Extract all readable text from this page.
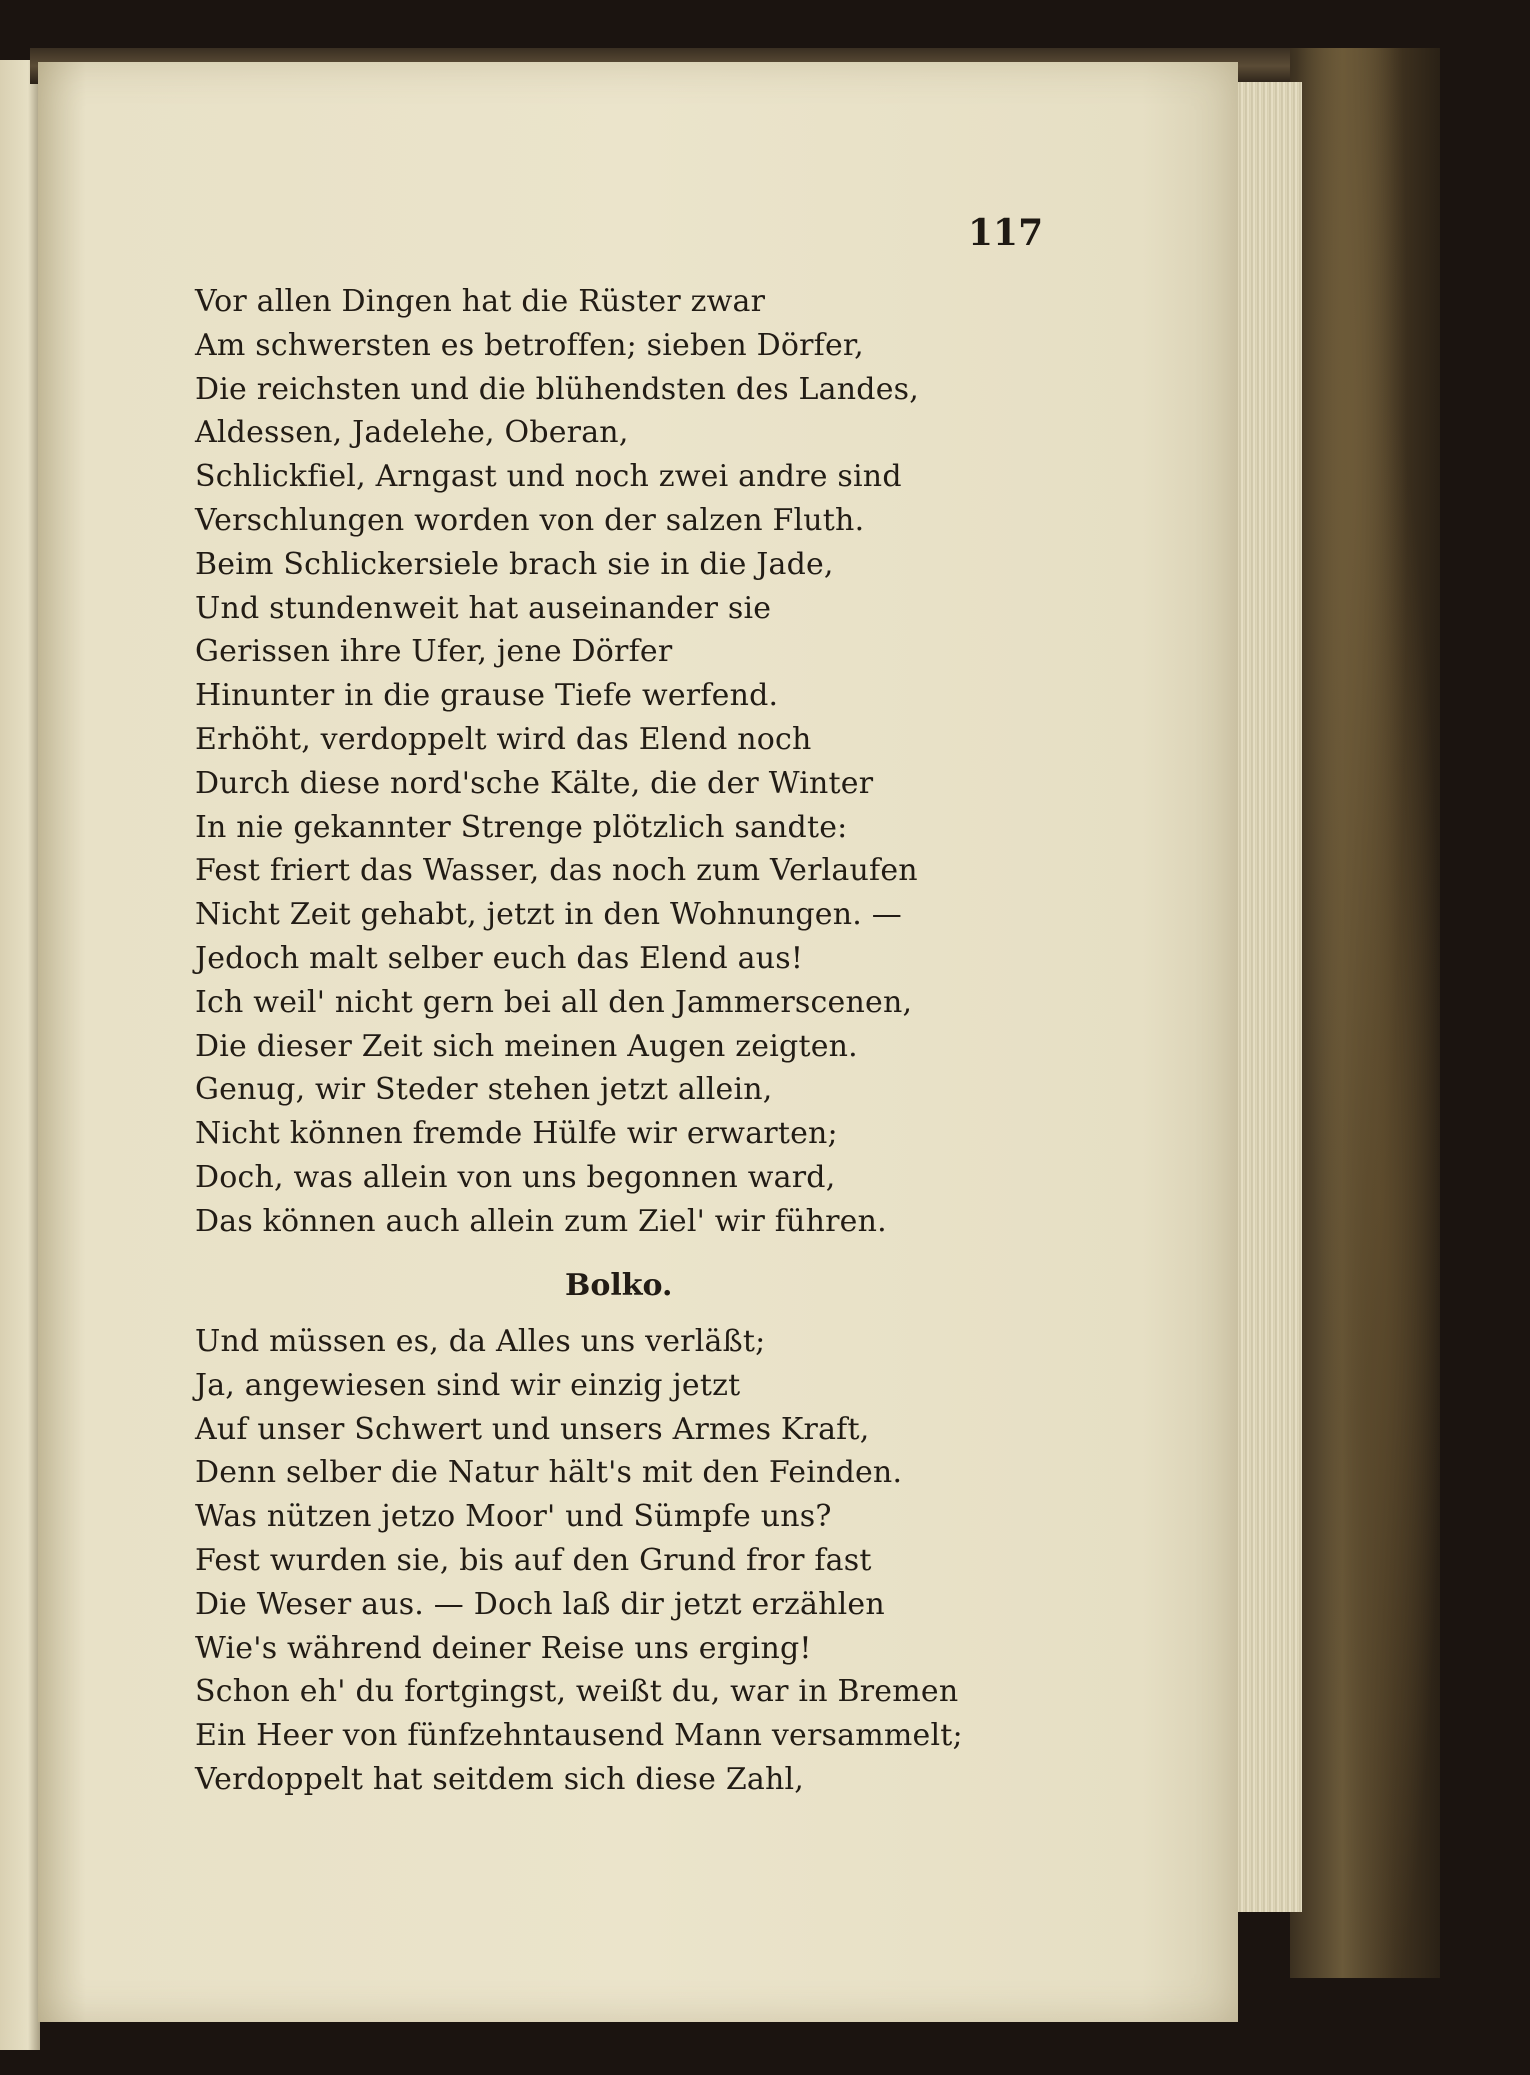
117
Vor allen Dingen hat die Rüster zwar
Am schwersten es betroffen; sieben Dörfer,
Die reichsten und die blühendsten des Landes,
Aldessen, Jadelehe, Oberan,
Schlickfiel, Arngast und noch zwei andre sind
Verschlungen worden von der salzen Fluth.
Beim Schlickersiele brach sie in die Jade,
Und stundenweit hat auseinander sie
Gerissen ihre Ufer, jene Dörfer
Hinunter in die grause Tiefe werfend.
Erhöht, verdoppelt wird das Elend noch
Durch diese nord'sche Kälte, die der Winter
In nie gekannter Strenge plötzlich sandte:
Fest friert das Wasser, das noch zum Verlaufen
Nicht Zeit gehabt, jetzt in den Wohnungen. —
Jedoch malt selber euch das Elend aus!
Ich weil' nicht gern bei all den Jammerscenen,
Die dieser Zeit sich meinen Augen zeigten.
Genug, wir Steder stehen jetzt allein,
Nicht können fremde Hülfe wir erwarten;
Doch, was allein von uns begonnen ward,
Das können auch allein zum Ziel' wir führen.
Bolko.
Und müssen es, da Alles uns verläßt;
Ja, angewiesen sind wir einzig jetzt
Auf unser Schwert und unsers Armes Kraft,
Denn selber die Natur hält's mit den Feinden.
Was nützen jetzo Moor' und Sümpfe uns?
Fest wurden sie, bis auf den Grund fror fast
Die Weser aus. — Doch laß dir jetzt erzählen
Wie's während deiner Reise uns erging!
Schon eh' du fortgingst, weißt du, war in Bremen
Ein Heer von fünfzehntausend Mann versammelt;
Verdoppelt hat seitdem sich diese Zahl,
